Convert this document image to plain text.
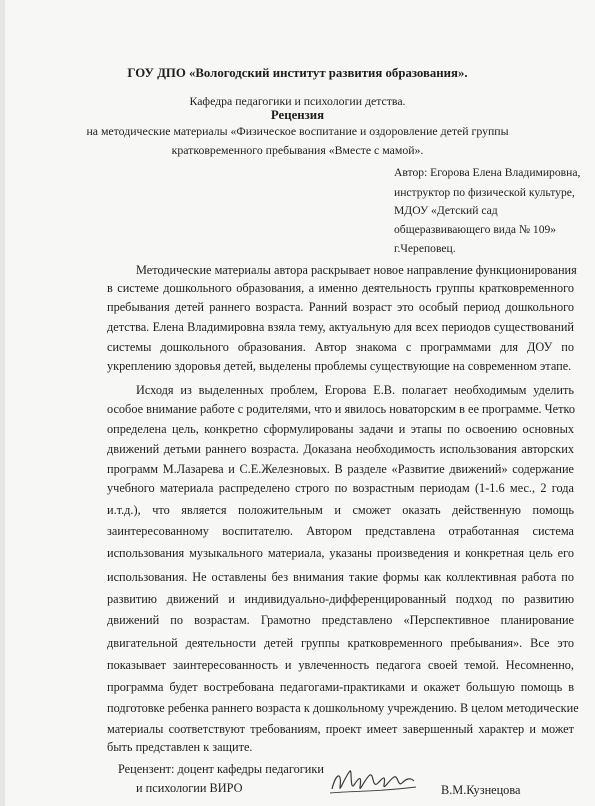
ГОУ ДПО «Вологодский институт развития образования».
Кафедра педагогики и психологии детства.
Рецензия
на методические материалы «Физическое воспитание и оздоровление детей группы
кратковременного пребывания «Вместе с мамой».
Автор: Егорова Елена Владимировна,
инструктор по физической культуре,
МДОУ «Детский сад
общеразвивающего вида № 109»
г.Череповец.
Методические материалы автора раскрывает новое направление функционирования
в системе дошкольного образования, а именно деятельность группы кратковременного
пребывания детей раннего возраста. Ранний возраст это особый период дошкольного
детства. Елена Владимировна взяла тему, актуальную для всех периодов существований
системы дошкольного образования. Автор знакома с программами для ДОУ по
укреплению здоровья детей, выделены проблемы существующие на современном этапе.
Исходя из выделенных проблем, Егорова Е.В. полагает необходимым уделить
особое внимание работе с родителями, что и явилось новаторским в ее программе. Четко
определена цель, конкретно сформулированы задачи и этапы по освоению основных
движений детьми раннего возраста. Доказана необходимость использования авторских
программ М.Лазарева и С.Е.Железновых. В разделе «Развитие движений» содержание
учебного материала распределено строго по возрастным периодам (1-1.6 мес., 2 года
и.т.д.), что является положительным и сможет оказать действенную помощь
заинтересованному воспитателю. Автором представлена отработанная система
использования музыкального материала, указаны произведения и конкретная цель его
использования. Не оставлены без внимания такие формы как коллективная работа по
развитию движений и индивидуально-дифференцированный подход по развитию
движений по возрастам. Грамотно представлено «Перспективное планирование
двигательной деятельности детей группы кратковременного пребывания». Все это
показывает заинтересованность и увлеченность педагога своей темой. Несомненно,
программа будет востребована педагогами-практиками и окажет большую помощь в
подготовке ребенка раннего возраста к дошкольному учреждению. В целом методические
материалы соответствуют требованиям, проект имеет завершенный характер и может
быть представлен к защите.
Рецензент: доцент кафедры педагогики
и психологии ВИРО	В.М.Кузнецова
